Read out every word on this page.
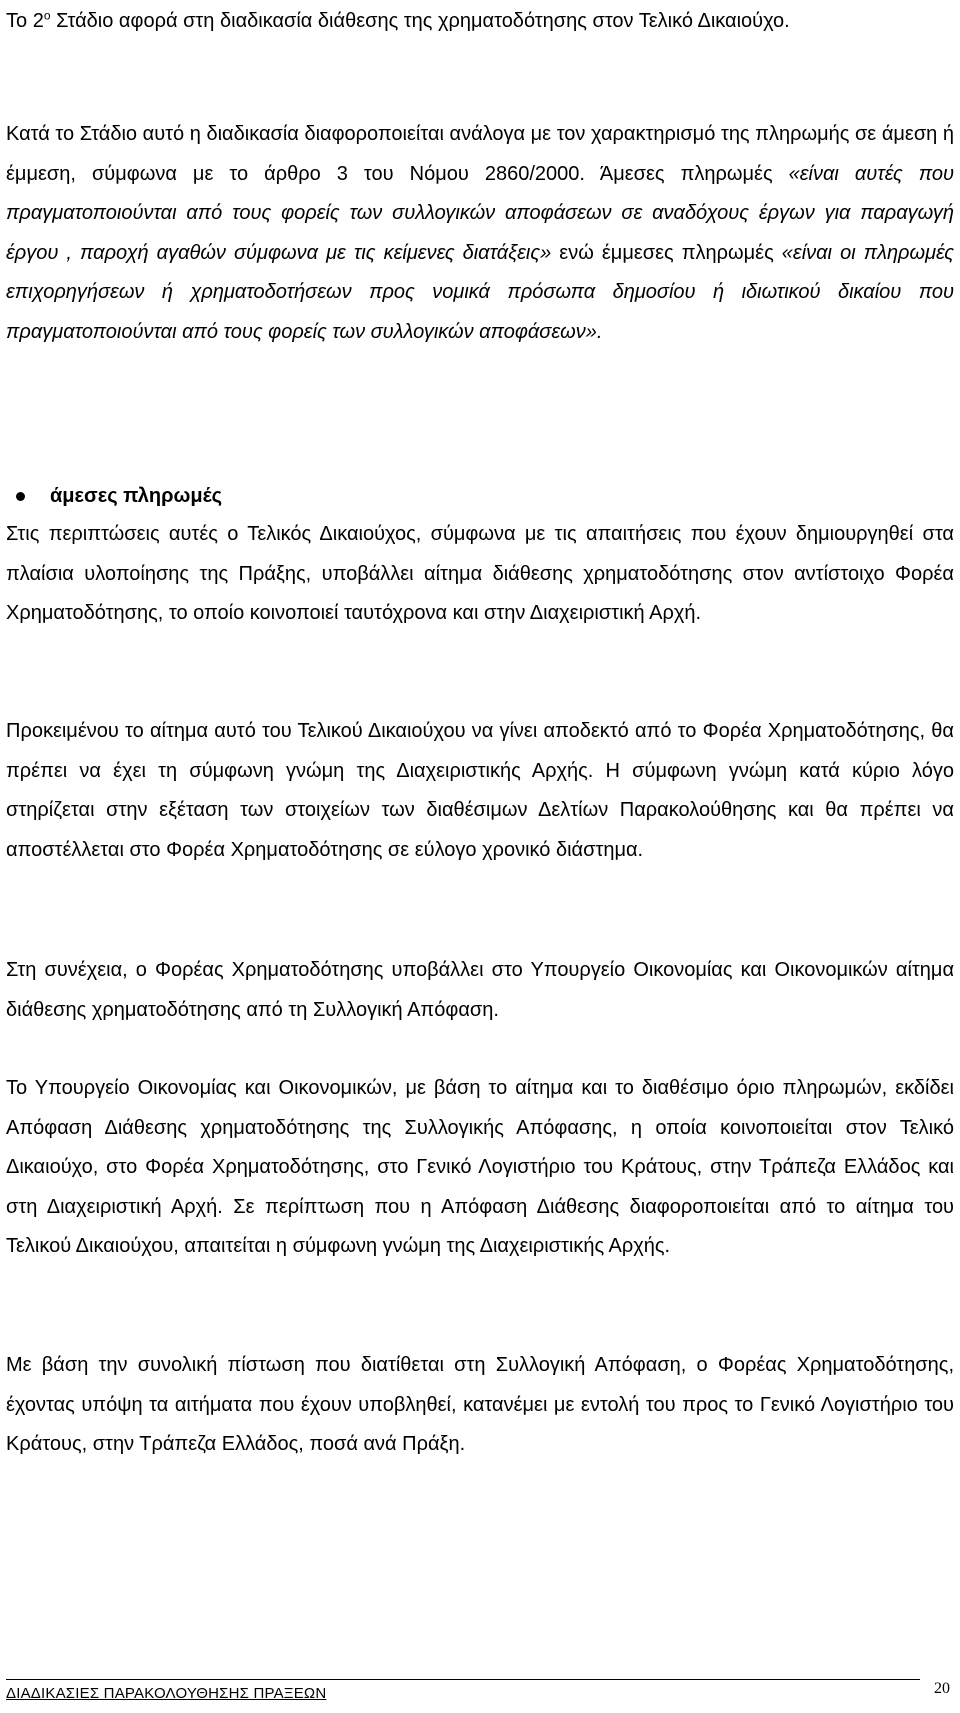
Το $2^o$ Στάδιο αφορά στη διαδικασία διάθεσης της χρηματοδότησης στον Τελικό Δικαιούχο.

Κατά το Στάδιο αυτό η διαδικασία διαφοροποιείται ανάλογα με τον χαρακτηρισμό της πληρωμής σε άμεση ή έμμεση, σύμφωνα με το άρθρο 3 του Νόμου 2860/2000. Άμεσες πληρωμές «είναι αυτές που πραγματοποιούνται από τους φορείς των συλλογικών αποφάσεων σε αναδόχους έργων για παραγωγή έργου , παροχή αγαθών σύμφωνα με τις κείμενες διατάξεις» ενώ έμμεσες πληρωμές «είναι οι πληρωμές επιχορηγήσεων ή χρηματοδοτήσεων προς νομικά πρόσωπα δημοσίου ή ιδιωτικού δικαίου που πραγματοποιούνται από τους φορείς των συλλογικών αποφάσεων».

άμεσες πληρωμές

Στις περιπτώσεις αυτές ο Τελικός Δικαιούχος, σύμφωνα με τις απαιτήσεις που έχουν δημιουργηθεί στα πλαίσια υλοποίησης της Πράξης, υποβάλλει αίτημα διάθεσης χρηματοδότησης στον αντίστοιχο Φορέα Χρηματοδότησης, το οποίο κοινοποιεί ταυτόχρονα και στην Διαχειριστική Αρχή.

Προκειμένου το αίτημα αυτό του Τελικού Δικαιούχου να γίνει αποδεκτό από το Φορέα Χρηματοδότησης, θα πρέπει να έχει τη σύμφωνη γνώμη της Διαχειριστικής Αρχής. Η σύμφωνη γνώμη κατά κύριο λόγο στηρίζεται στην εξέταση των στοιχείων των διαθέσιμων Δελτίων Παρακολούθησης και θα πρέπει να αποστέλλεται στο Φορέα Χρηματοδότησης σε εύλογο χρονικό διάστημα.

Στη συνέχεια, ο Φορέας Χρηματοδότησης υποβάλλει στο Υπουργείο Οικονομίας και Οικονομικών αίτημα διάθεσης χρηματοδότησης από τη Συλλογική Απόφαση.

Το Υπουργείο Οικονομίας και Οικονομικών, με βάση το αίτημα και το διαθέσιμο όριο πληρωμών, εκδίδει Απόφαση Διάθεσης χρηματοδότησης της Συλλογικής Απόφασης, η οποία κοινοποιείται στον Τελικό Δικαιούχο, στο Φορέα Χρηματοδότησης, στο Γενικό Λογιστήριο του Κράτους, στην Τράπεζα Ελλάδος και στη Διαχειριστική Αρχή. Σε περίπτωση που η Απόφαση Διάθεσης διαφοροποιείται από το αίτημα του Τελικού Δικαιούχου, απαιτείται η σύμφωνη γνώμη της Διαχειριστικής Αρχής.

Με βάση την συνολική πίστωση που διατίθεται στη Συλλογική Απόφαση, ο Φορέας Χρηματοδότησης, έχοντας υπόψη τα αιτήματα που έχουν υποβληθεί, κατανέμει με εντολή του προς το Γενικό Λογιστήριο του Κράτους, στην Τράπεζα Ελλάδος, ποσά ανά Πράξη.

ΔΙΑΔΙΚΑΣΙΕΣ ΠΑΡΑΚΟΛΟΥΘΗΣΗΣ ΠΡΑΞΕΩΝ	20
